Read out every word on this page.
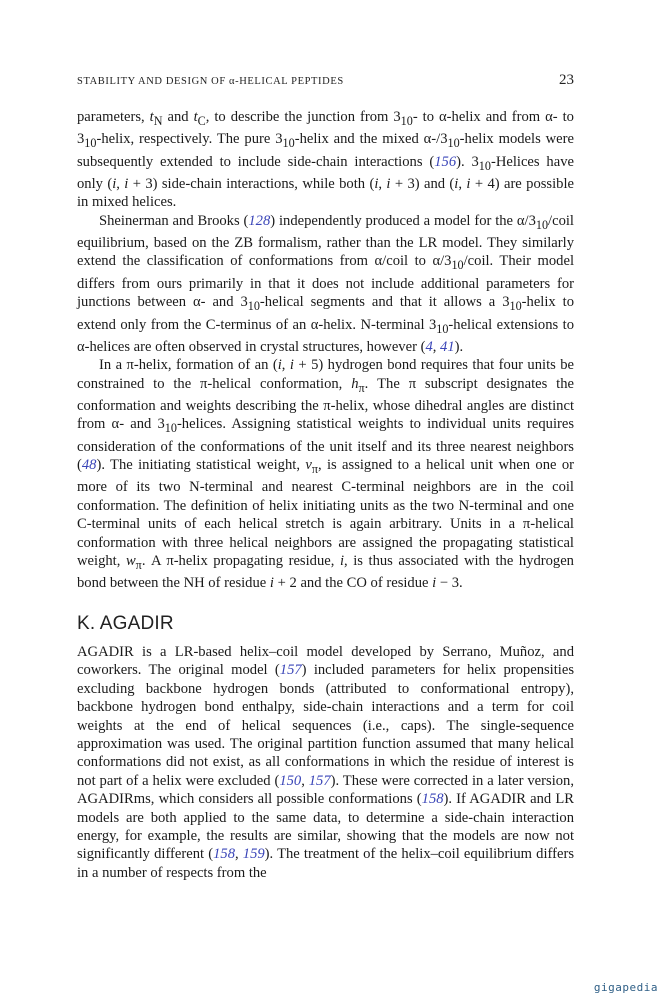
STABILITY AND DESIGN OF α-HELICAL PEPTIDES	23

parameters, $t_N$ and $t_C$, to describe the junction from $3_{10}-$ to α-helix and from α- to $3_{10}$-helix, respectively. The pure $3_{10}$-helix and the mixed $\alpha-/3_{10}$-helix models were subsequently extended to include side-chain interactions (156). $3_{10}$-Helices have only (i, i + 3) side-chain interactions, while both (i, i + 3) and (i, i + 4) are possible in mixed helices.

Sheinerman and Brooks (128) independently produced a model for the $\alpha/3_{10}$/coil equilibrium, based on the ZB formalism, rather than the LR model. They similarly extend the classification of conformations from α/coil to $\alpha/3_{10}$/coil. Their model differs from ours primarily in that it does not include additional parameters for junctions between α- and $3_{10}$-helical segments and that it allows a $3_{10}$-helix to extend only from the C-terminus of an α-helix. N-terminal $3_{10}$-helical extensions to α-helices are often observed in crystal structures, however (4, 41).

In a π-helix, formation of an (i, i + 5) hydrogen bond requires that four units be constrained to the π-helical conformation, $h_\pi$. The π subscript designates the conformation and weights describing the π-helix, whose dihedral angles are distinct from α- and $3_{10}$-helices. Assigning statistical weights to individual units requires consideration of the conformations of the unit itself and its three nearest neighbors (48). The initiating statistical weight, $v_\pi$, is assigned to a helical unit when one or more of its two N-terminal and nearest C-terminal neighbors are in the coil conformation. The definition of helix initiating units as the two N-terminal and one C-terminal units of each helical stretch is again arbitrary. Units in a π-helical conformation with three helical neighbors are assigned the propagating statistical weight, $w_\pi$. A π-helix propagating residue, i, is thus associated with the hydrogen bond between the NH of residue i + 2 and the CO of residue i − 3.

K. AGADIR

AGADIR is a LR-based helix–coil model developed by Serrano, Muñoz, and coworkers. The original model (157) included parameters for helix propensities excluding backbone hydrogen bonds (attributed to conformational entropy), backbone hydrogen bond enthalpy, side-chain interactions and a term for coil weights at the end of helical sequences (i.e., caps). The single-sequence approximation was used. The original partition function assumed that many helical conformations did not exist, as all conformations in which the residue of interest is not part of a helix were excluded (150, 157). These were corrected in a later version, AGADIRms, which considers all possible conformations (158). If AGADIR and LR models are both applied to the same data, to determine a side-chain interaction energy, for example, the results are similar, showing that the models are now not significantly different (158, 159). The treatment of the helix–coil equilibrium differs in a number of respects from the

gigapedia
